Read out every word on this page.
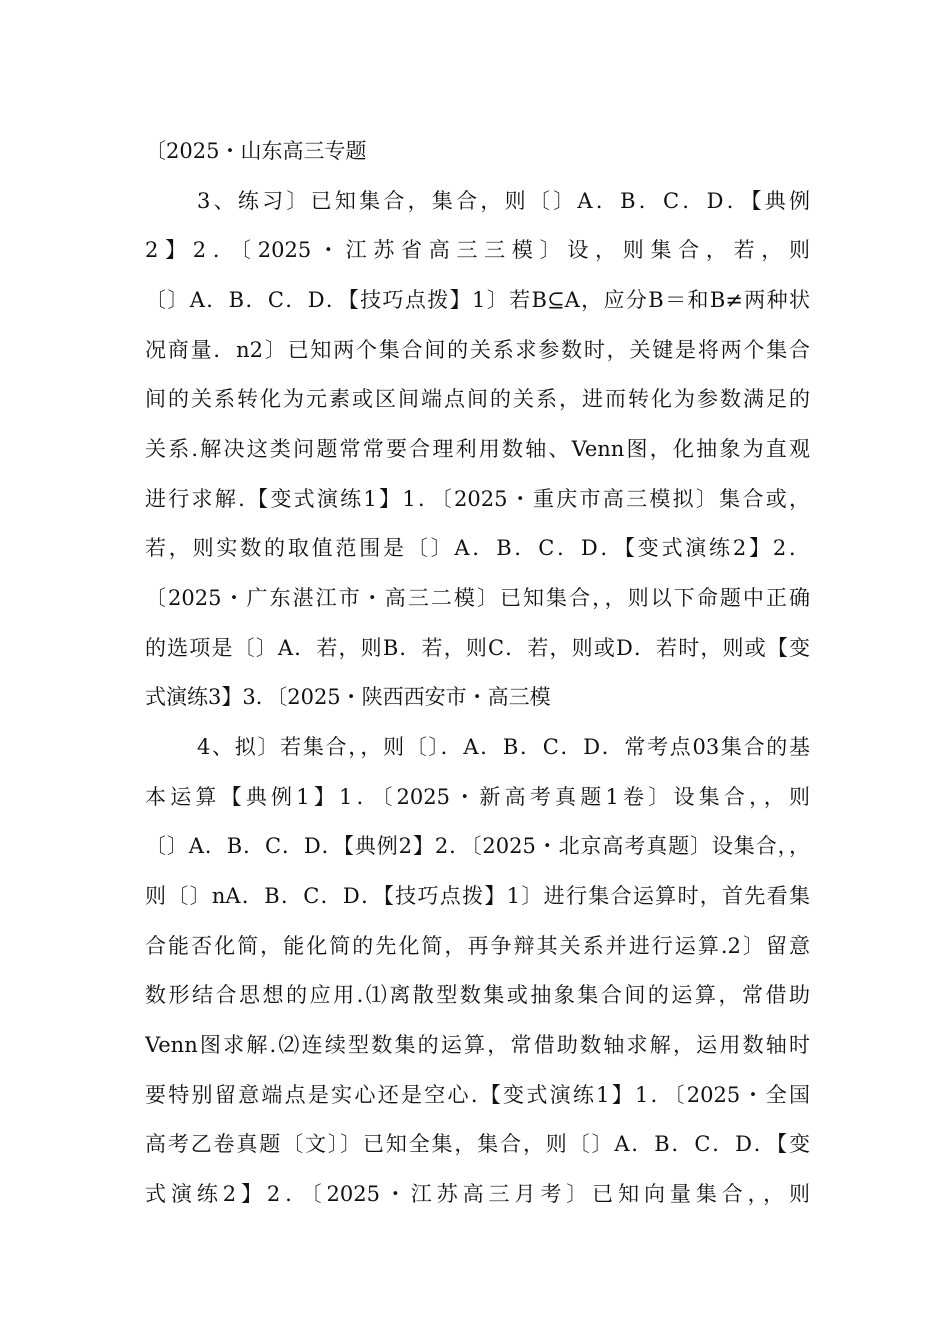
〔2025・山东高三专题
3、练习〕已知集合，集合，则〔〕A．B．C．D．【典例
2】2．〔2025・江苏省高三三模〕设，则集合，若，则
〔〕A．B．C．D．【技巧点拨】1〕若B⊆A，应分B＝和B≠两种状
况商量．n2〕已知两个集合间的关系求参数时，关键是将两个集合
间的关系转化为元素或区间端点间的关系，进而转化为参数满足的
关系.解决这类问题常常要合理利用数轴、Venn图，化抽象为直观
进行求解.【变式演练1】1．〔2025・重庆市高三模拟〕集合或，
若，则实数的取值范围是〔〕A．B．C．D．【变式演练2】2．
〔2025・广东湛江市・高三二模〕已知集合，，则以下命题中正确
的选项是〔〕A．若，则B．若，则C．若，则或D．若时，则或【变
式演练3】3．〔2025・陕西西安市・高三模
4、拟〕若集合，，则〔〕．A．B．C．D．常考点03集合的基
本运算【典例1】1．〔2025・新高考真题1卷〕设集合，，则
〔〕A．B．C．D．【典例2】2．〔2025・北京高考真题〕设集合，，
则〔〕nA．B．C．D．【技巧点拨】1〕进行集合运算时，首先看集
合能否化简，能化简的先化简，再争辩其关系并进行运算.2〕留意
数形结合思想的应用.⑴离散型数集或抽象集合间的运算，常借助
Venn图求解.⑵连续型数集的运算，常借助数轴求解，运用数轴时
要特别留意端点是实心还是空心.【变式演练1】1．〔2025・全国
高考乙卷真题〔文〕〕已知全集，集合，则〔〕A．B．C．D．【变
式演练2】2．〔2025・江苏高三月考〕已知向量集合，，则
